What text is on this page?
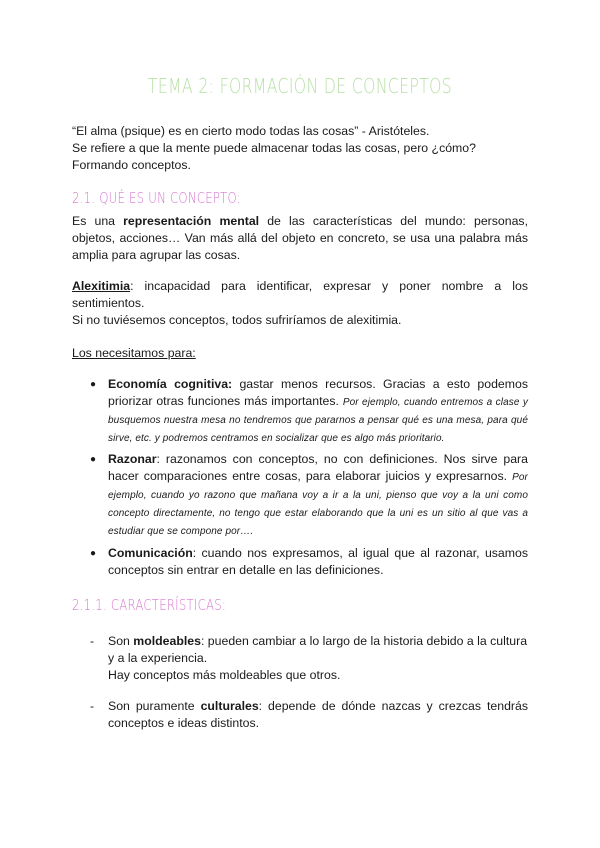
TEMA 2: FORMACIÓN DE CONCEPTOS
“El alma (psique) es en cierto modo todas las cosas” - Aristóteles.
Se refiere a que la mente puede almacenar todas las cosas, pero ¿cómo?
Formando conceptos.
2.1. QUÉ ES UN CONCEPTO:
Es una representación mental de las características del mundo: personas, objetos, acciones… Van más allá del objeto en concreto, se usa una palabra más amplia para agrupar las cosas.
Alexitimia: incapacidad para identificar, expresar y poner nombre a los sentimientos.
Si no tuviésemos conceptos, todos sufriríamos de alexitimia.
Los necesitamos para:
● Economía cognitiva: gastar menos recursos. Gracias a esto podemos priorizar otras funciones más importantes. Por ejemplo, cuando entremos a clase y busquemos nuestra mesa no tendremos que pararnos a pensar qué es una mesa, para qué sirve, etc. y podremos centramos en socializar que es algo más prioritario.
● Razonar: razonamos con conceptos, no con definiciones. Nos sirve para hacer comparaciones entre cosas, para elaborar juicios y expresarnos. Por ejemplo, cuando yo razono que mañana voy a ir a la uni, pienso que voy a la uni como concepto directamente, no tengo que estar elaborando que la uni es un sitio al que vas a estudiar que se compone por….
● Comunicación: cuando nos expresamos, al igual que al razonar, usamos conceptos sin entrar en detalle en las definiciones.
2.1.1. CARACTERÍSTICAS:
- Son moldeables: pueden cambiar a lo largo de la historia debido a la cultura y a la experiencia.
Hay conceptos más moldeables que otros.
- Son puramente culturales: depende de dónde nazcas y crezcas tendrás conceptos e ideas distintos.
